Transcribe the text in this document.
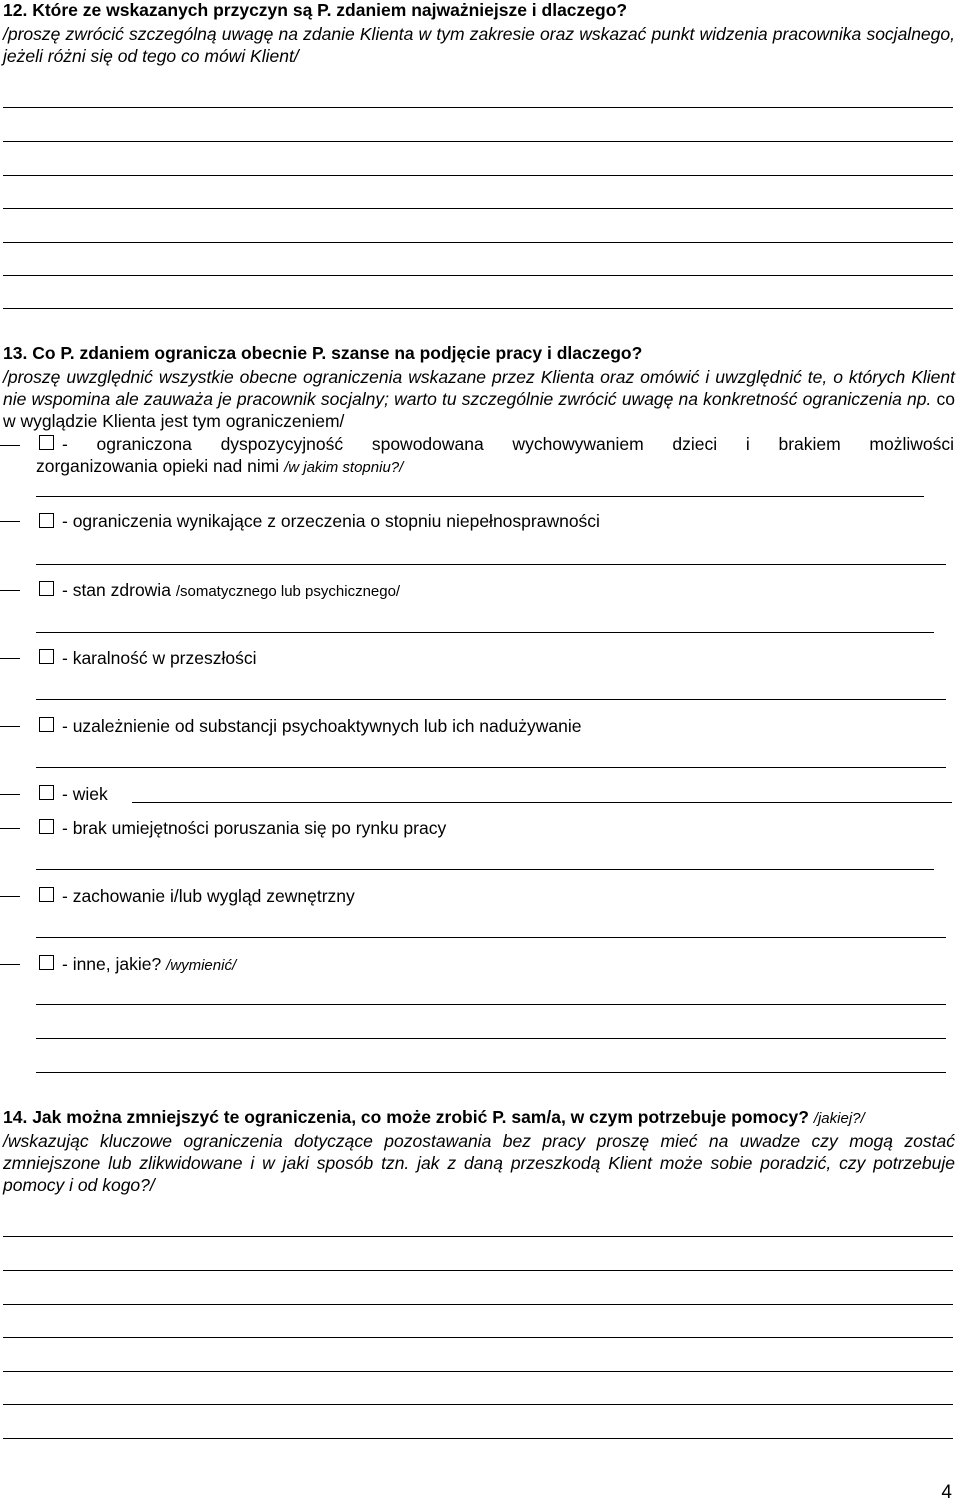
12. Które ze wskazanych przyczyn są P. zdaniem najważniejsze i dlaczego?
/proszę zwrócić szczególną uwagę na zdanie Klienta w tym zakresie oraz wskazać punkt widzenia pracownika socjalnego, jeżeli różni się od tego co mówi Klient/
13. Co P. zdaniem ogranicza obecnie P. szanse na podjęcie pracy i dlaczego?
/proszę uwzględnić wszystkie obecne ograniczenia wskazane przez Klienta oraz omówić i uwzględnić te, o których Klient nie wspomina ale zauważa je pracownik socjalny; warto tu szczególnie zwrócić uwagę na konkretność ograniczenia np. co w wyglądzie Klienta jest tym ograniczeniem/
- ograniczona dyspozycyjność spowodowana wychowywaniem dzieci i brakiem możliwości
zorganizowania opieki nad nimi /w jakim stopniu?/
- ograniczenia wynikające z orzeczenia o stopniu niepełnosprawności
- stan zdrowia /somatycznego lub psychicznego/
- karalność w przeszłości
- uzależnienie od substancji psychoaktywnych lub ich nadużywanie
- wiek
- brak umiejętności poruszania się po rynku pracy
- zachowanie i/lub wygląd zewnętrzny
- inne, jakie? /wymienić/
14. Jak można zmniejszyć te ograniczenia, co może zrobić P. sam/a, w czym potrzebuje pomocy? /jakiej?/
/wskazując kluczowe ograniczenia dotyczące pozostawania bez pracy proszę mieć na uwadze czy mogą zostać zmniejszone lub zlikwidowane i w jaki sposób tzn. jak z daną przeszkodą Klient może sobie poradzić, czy potrzebuje pomocy i od kogo?/
4
